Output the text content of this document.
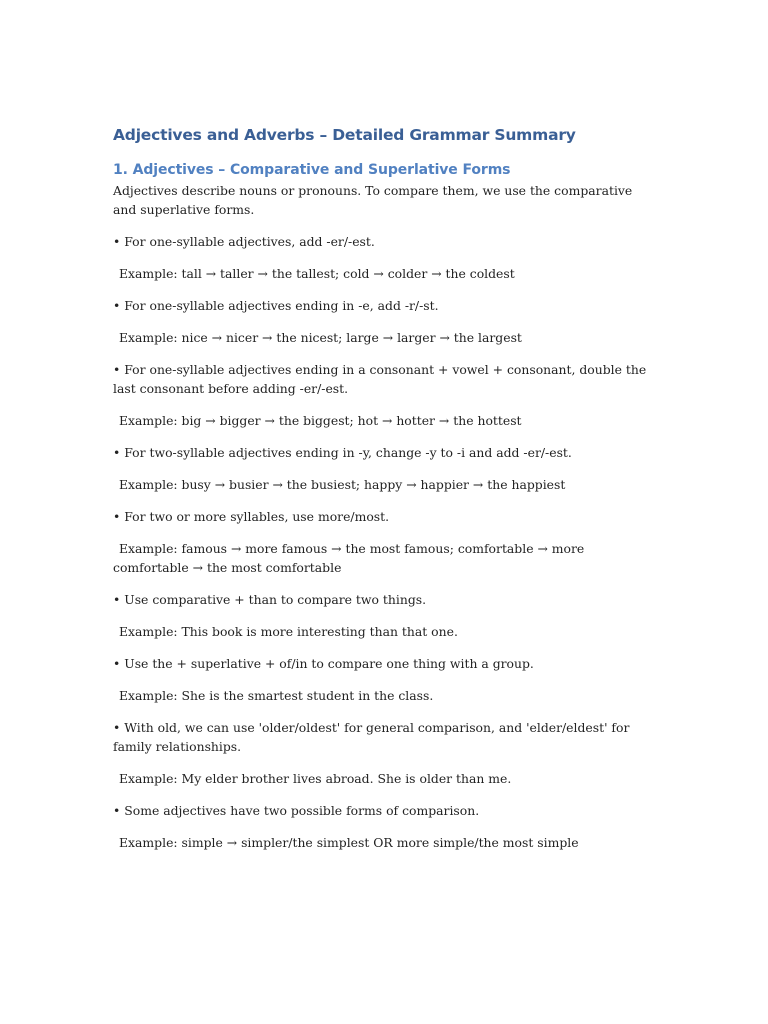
Adjectives and Adverbs – Detailed Grammar Summary
1. Adjectives – Comparative and Superlative Forms

Adjectives describe nouns or pronouns. To compare them, we use the comparative and superlative forms.

• For one-syllable adjectives, add -er/-est.

Example: tall → taller → the tallest; cold → colder → the coldest

• For one-syllable adjectives ending in -e, add -r/-st.

Example: nice → nicer → the nicest; large → larger → the largest

• For one-syllable adjectives ending in a consonant + vowel + consonant, double the last consonant before adding -er/-est.

Example: big → bigger → the biggest; hot → hotter → the hottest

• For two-syllable adjectives ending in -y, change -y to -i and add -er/-est.

Example: busy → busier → the busiest; happy → happier → the happiest

• For two or more syllables, use more/most.

Example: famous → more famous → the most famous; comfortable → more comfortable → the most comfortable

• Use comparative + than to compare two things.

Example: This book is more interesting than that one.

• Use the + superlative + of/in to compare one thing with a group.

Example: She is the smartest student in the class.

• With old, we can use 'older/oldest' for general comparison, and 'elder/eldest' for family relationships.

Example: My elder brother lives abroad. She is older than me.

• Some adjectives have two possible forms of comparison.

Example: simple → simpler/the simplest OR more simple/the most simple
